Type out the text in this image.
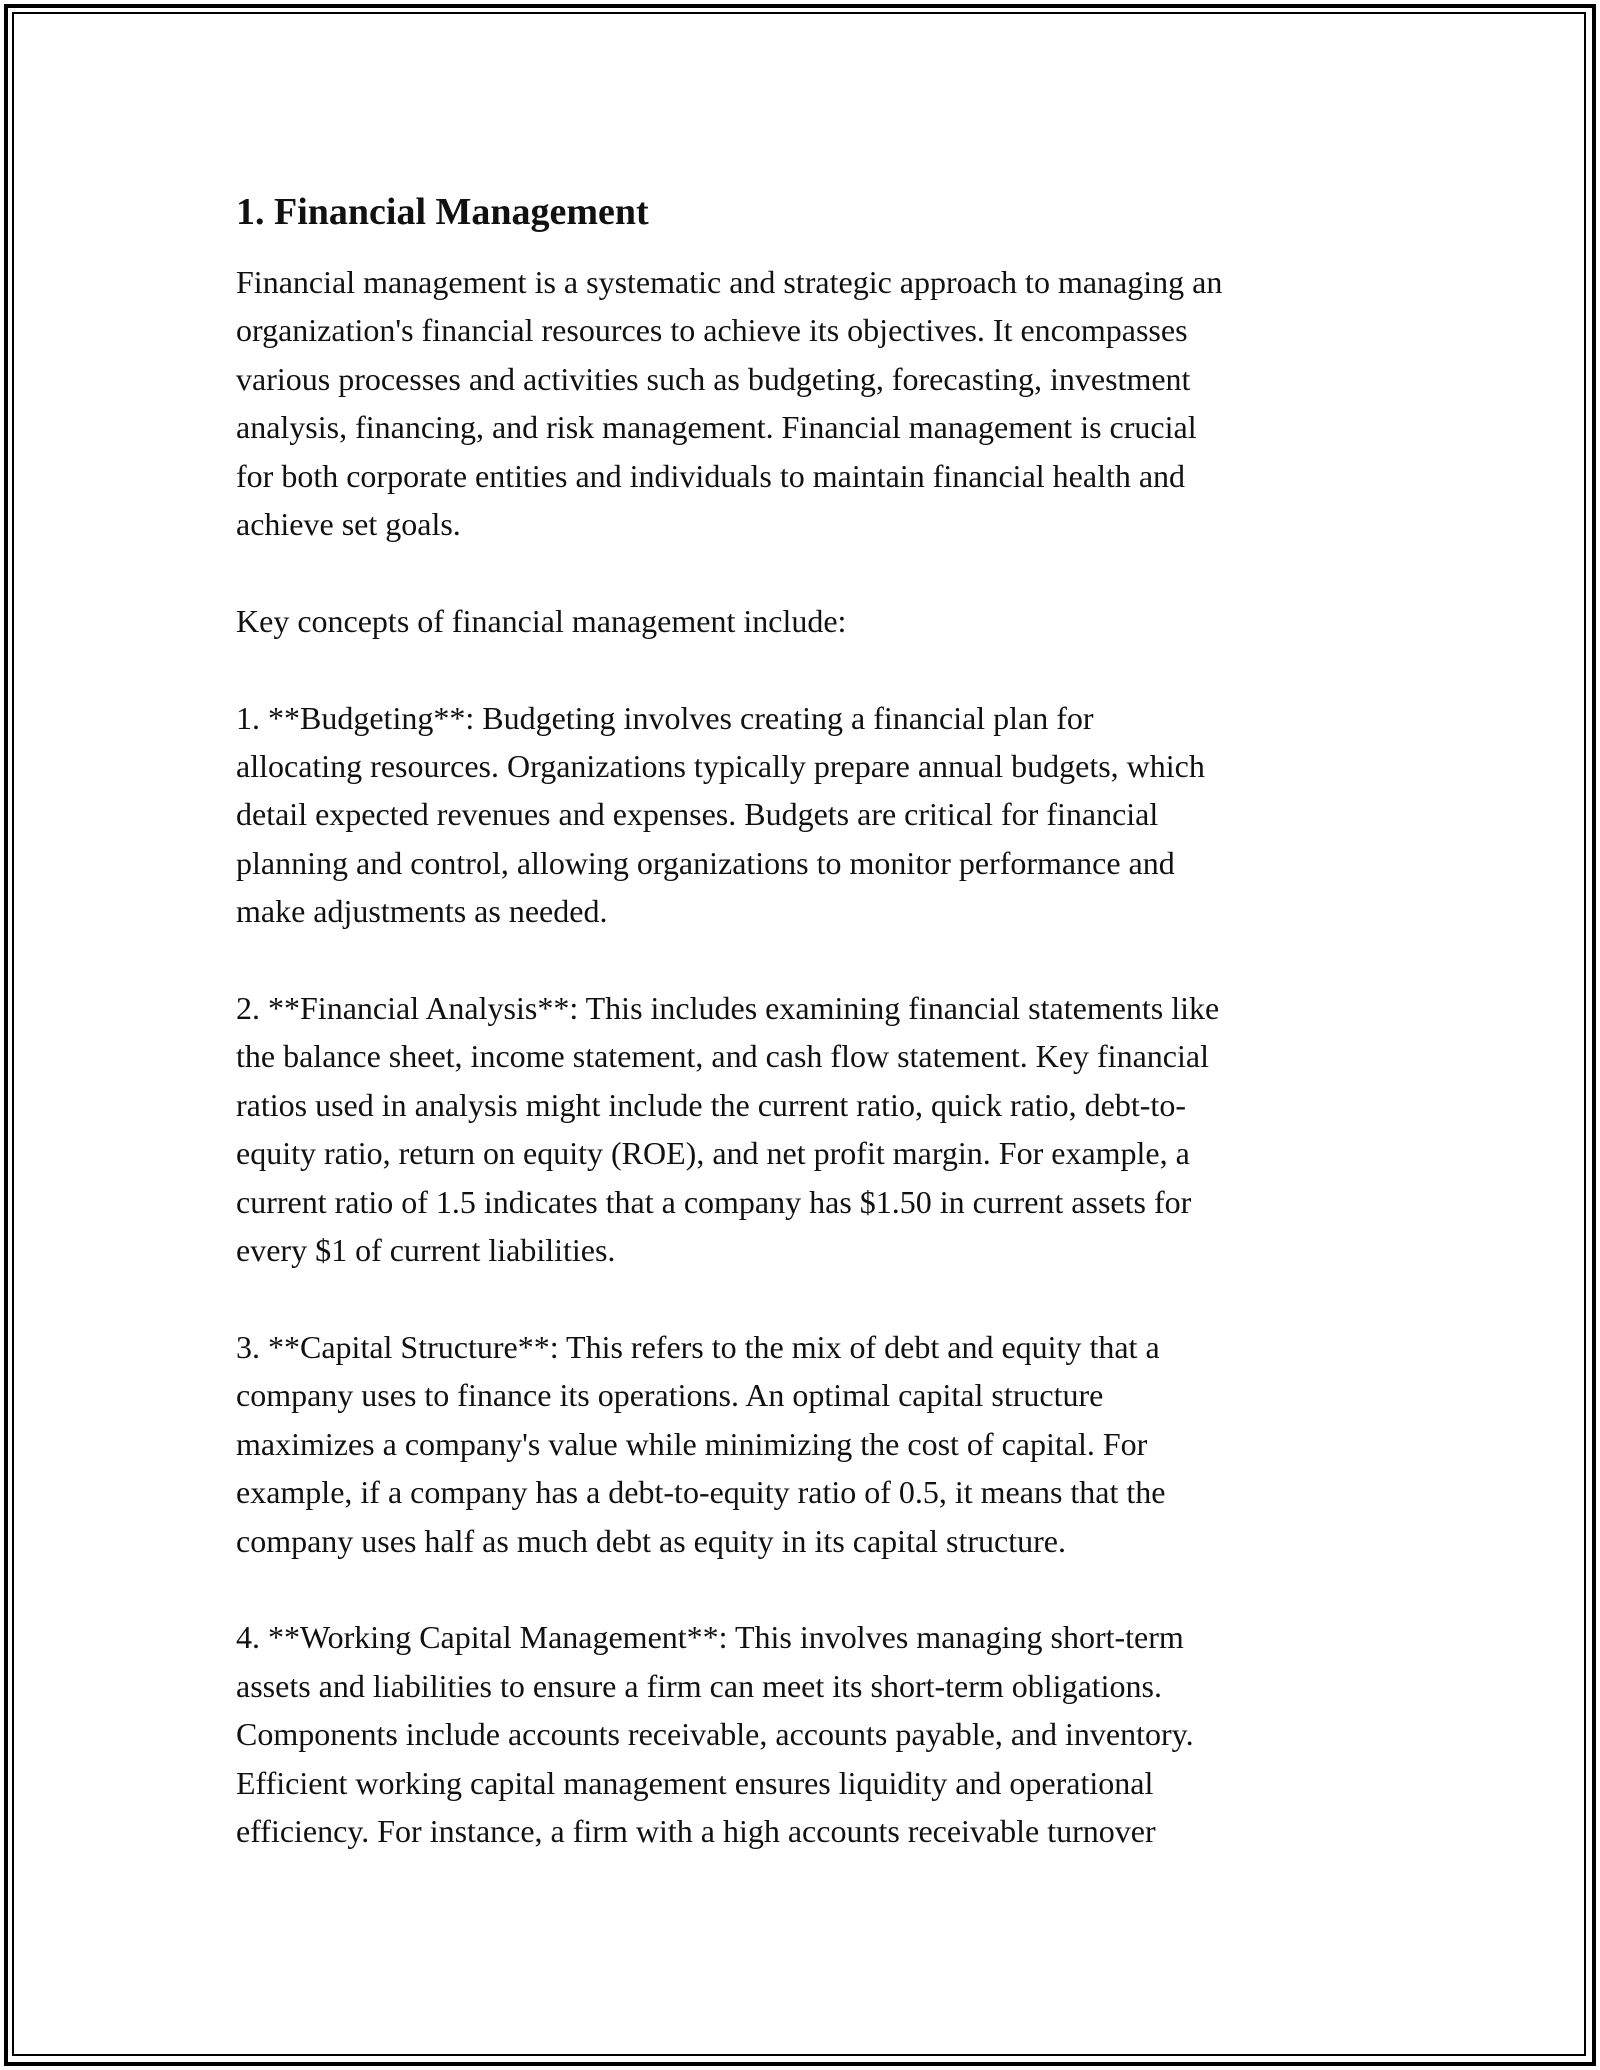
1. Financial Management
Financial management is a systematic and strategic approach to managing an
organization's financial resources to achieve its objectives. It encompasses
various processes and activities such as budgeting, forecasting, investment
analysis, financing, and risk management. Financial management is crucial
for both corporate entities and individuals to maintain financial health and
achieve set goals.
Key concepts of financial management include:
1. **Budgeting**: Budgeting involves creating a financial plan for
allocating resources. Organizations typically prepare annual budgets, which
detail expected revenues and expenses. Budgets are critical for financial
planning and control, allowing organizations to monitor performance and
make adjustments as needed.
2. **Financial Analysis**: This includes examining financial statements like
the balance sheet, income statement, and cash flow statement. Key financial
ratios used in analysis might include the current ratio, quick ratio, debt-to-
equity ratio, return on equity (ROE), and net profit margin. For example, a
current ratio of 1.5 indicates that a company has $1.50 in current assets for
every $1 of current liabilities.
3. **Capital Structure**: This refers to the mix of debt and equity that a
company uses to finance its operations. An optimal capital structure
maximizes a company's value while minimizing the cost of capital. For
example, if a company has a debt-to-equity ratio of 0.5, it means that the
company uses half as much debt as equity in its capital structure.
4. **Working Capital Management**: This involves managing short-term
assets and liabilities to ensure a firm can meet its short-term obligations.
Components include accounts receivable, accounts payable, and inventory.
Efficient working capital management ensures liquidity and operational
efficiency. For instance, a firm with a high accounts receivable turnover
